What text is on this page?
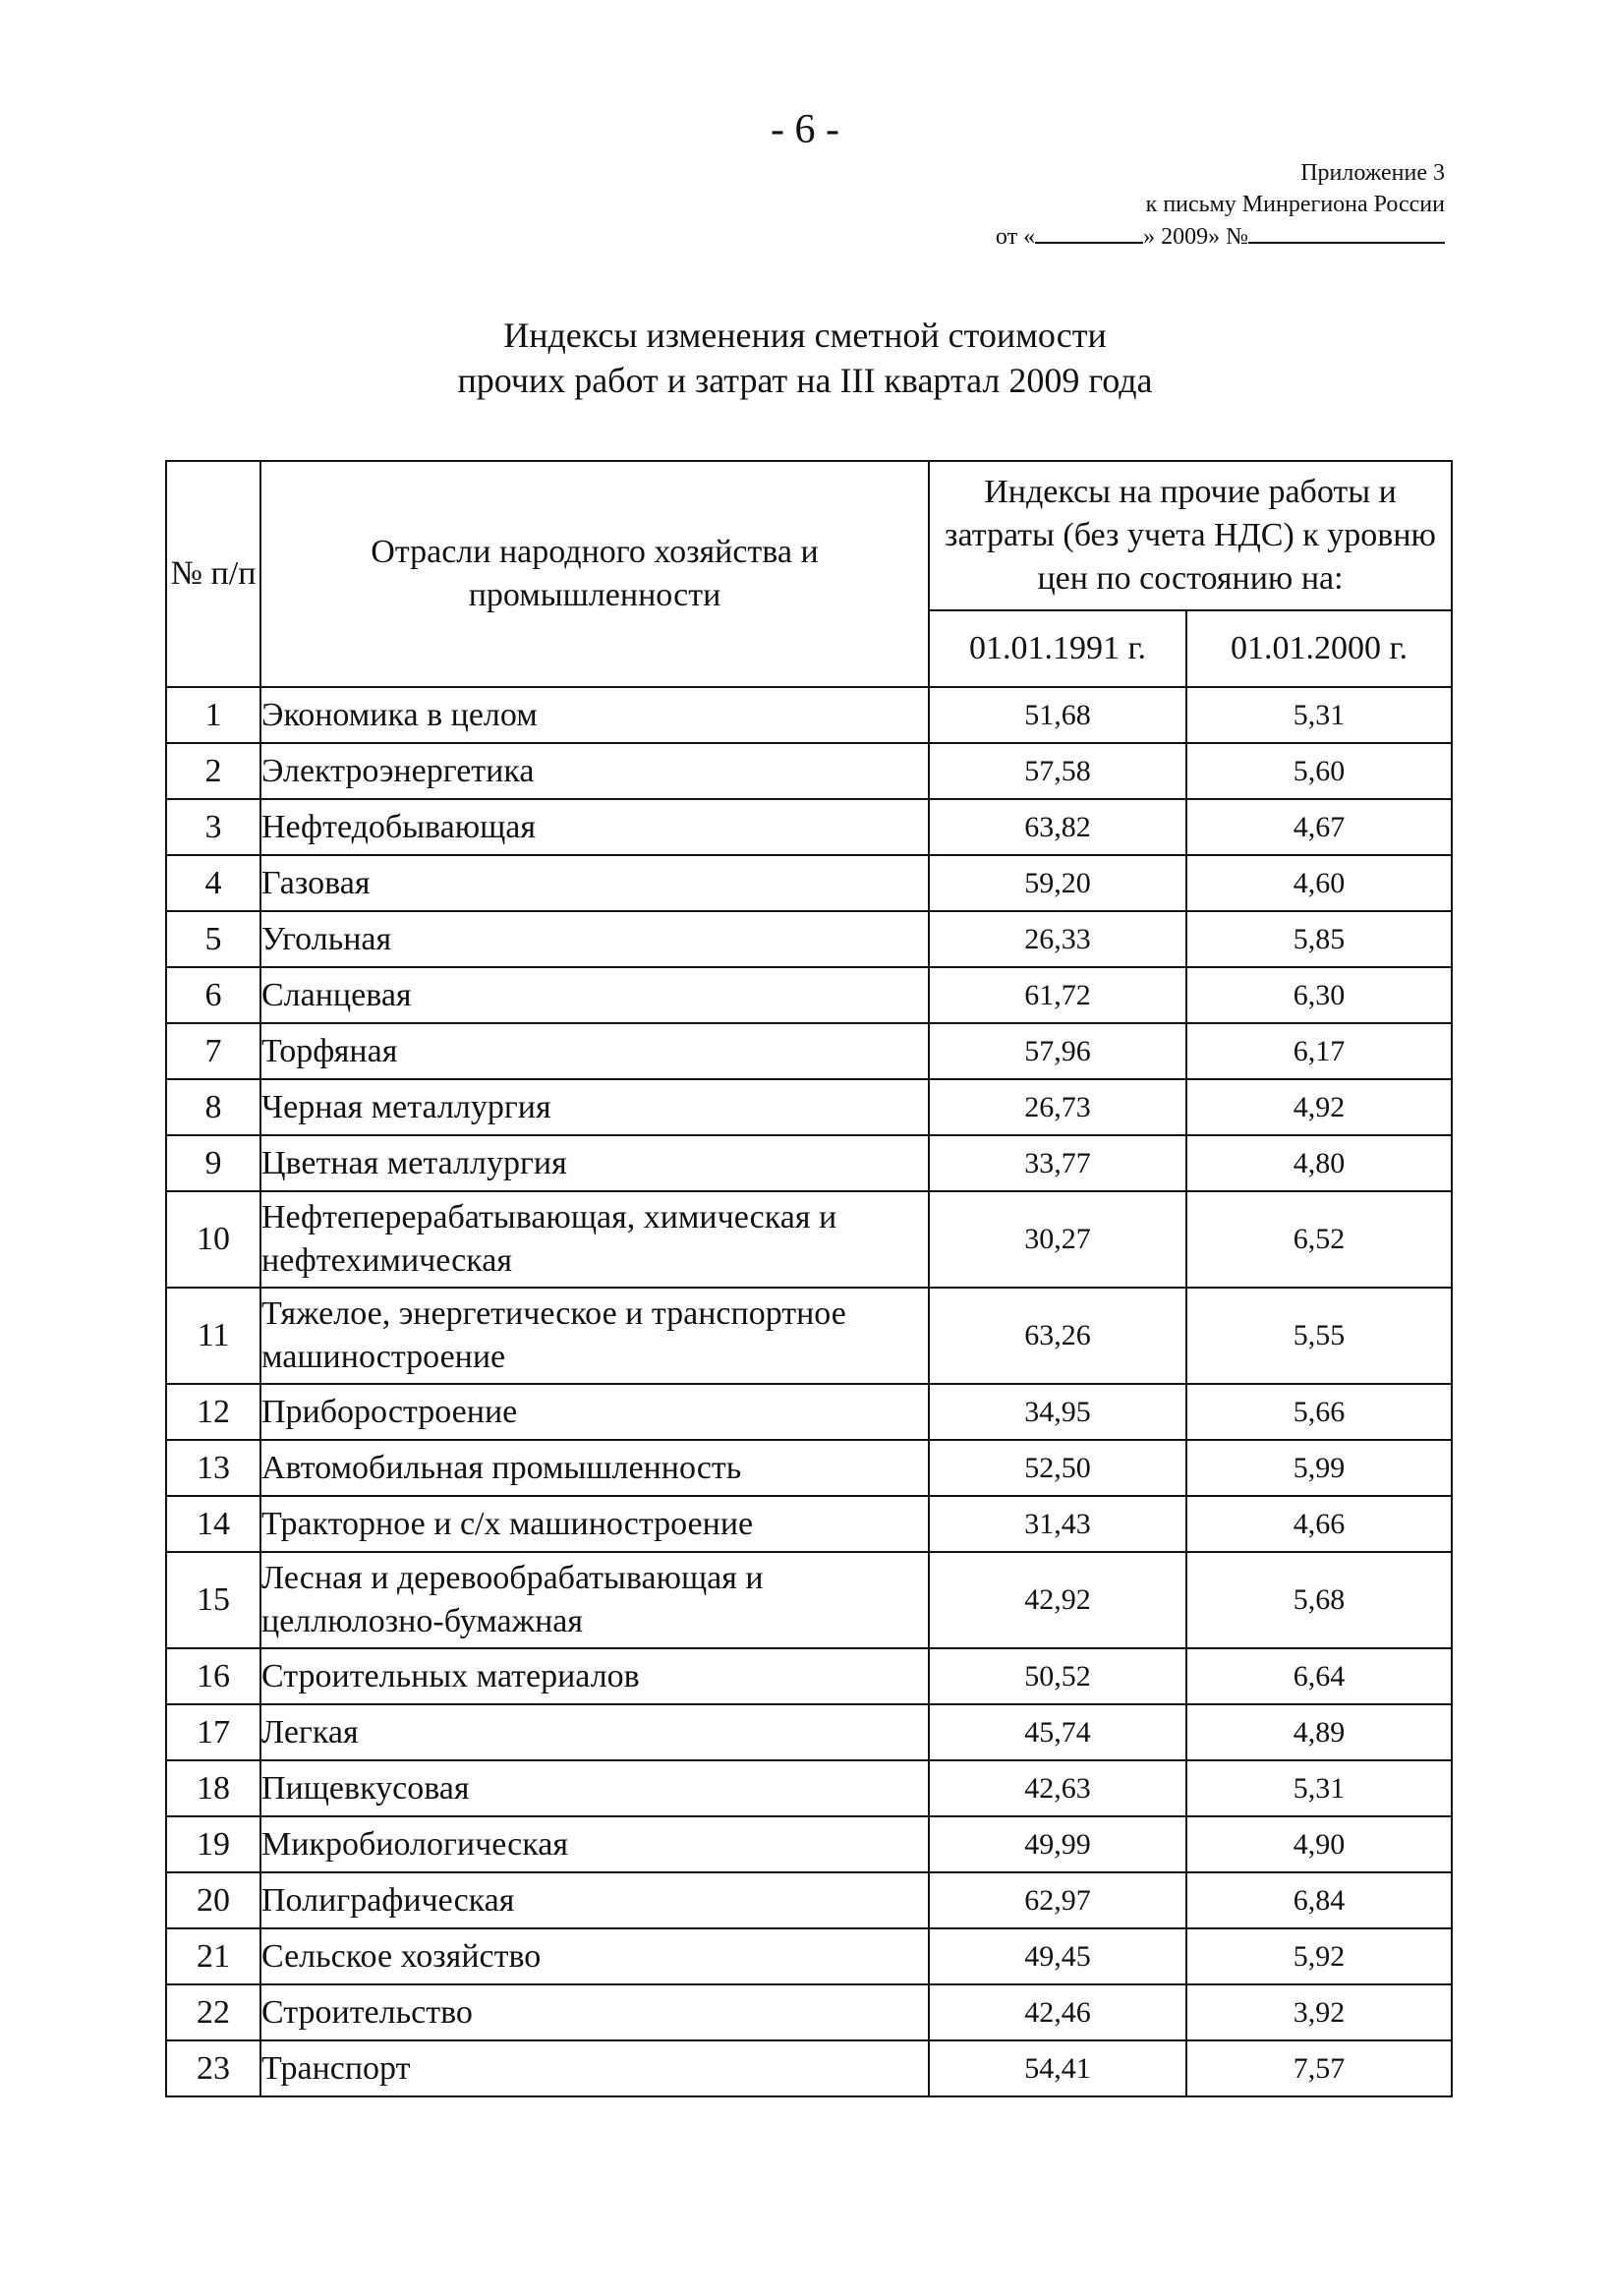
- 6 -
Приложение 3
к письму Минрегиона России
от «	» 2009» №
Индексы изменения сметной стоимости
прочих работ и затрат на III квартал 2009 года
№ п/п	Отрасли народного хозяйства и промышленности	Индексы на прочие работы и затраты (без учета НДС) к уровню цен по состоянию на:	
		01.01.1991 г.	01.01.2000 г.
1	Экономика в целом	51,68	5,31
2	Электроэнергетика	57,58	5,60
3	Нефтедобывающая	63,82	4,67
4	Газовая	59,20	4,60
5	Угольная	26,33	5,85
6	Сланцевая	61,72	6,30
7	Торфяная	57,96	6,17
8	Черная металлургия	26,73	4,92
9	Цветная металлургия	33,77	4,80
10	Нефтеперерабатывающая, химическая и нефтехимическая	30,27	6,52
11	Тяжелое, энергетическое и транспортное машиностроение	63,26	5,55
12	Приборостроение	34,95	5,66
13	Автомобильная промышленность	52,50	5,99
14	Тракторное и с/х машиностроение	31,43	4,66
15	Лесная и деревообрабатывающая и целлюлозно-бумажная	42,92	5,68
16	Строительных материалов	50,52	6,64
17	Легкая	45,74	4,89
18	Пищевкусовая	42,63	5,31
19	Микробиологическая	49,99	4,90
20	Полиграфическая	62,97	6,84
21	Сельское хозяйство	49,45	5,92
22	Строительство	42,46	3,92
23	Транспорт	54,41	7,57
